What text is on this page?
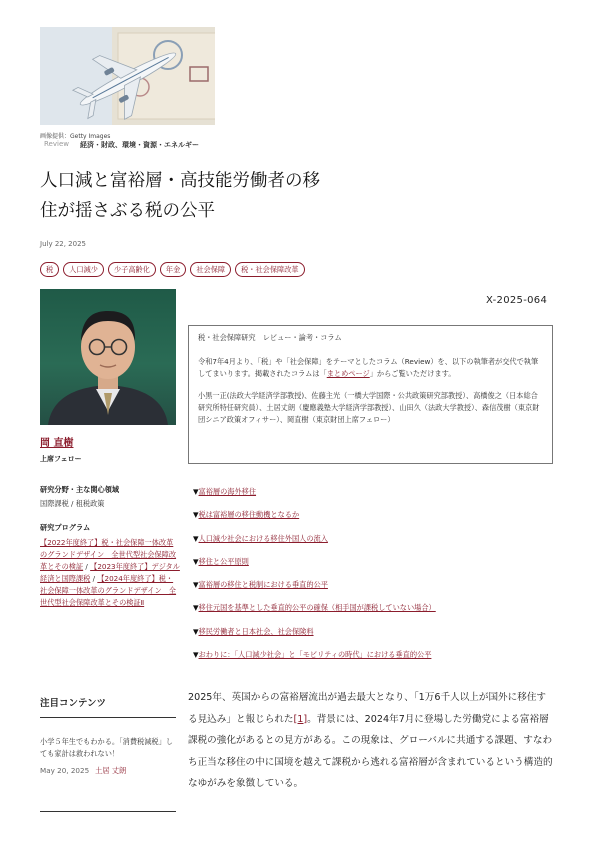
画像提供：Getty Images
Review 経済・財政、環境・資源・エネルギー
人口減と富裕層・高技能労働者の移
住が揺さぶる税の公平
July 22, 2025
税	人口減少	少子高齢化	年金	社会保障	税・社会保障改革
X-2025-064
岡 直樹
上席フェロー

税・社会保障研究　レビュー・論考・コラム

令和7年4月より、「税」や「社会保障」をテーマとしたコラム（Review）を、以下の執筆者が交代で執筆してまいります。掲載されたコラムは「まとめページ」からご覧いただけます。

小黒一正(法政大学経済学部教授)、佐藤主光（一橋大学国際・公共政策研究部教授）、高橋俊之（日本総合研究所特任研究員）、土居丈朗（慶應義塾大学経済学部教授）、山田久（法政大学教授）、森信茂樹（東京財団シニア政策オフィサー）、岡直樹（東京財団上席フェロー）

研究分野・主な関心領域
国際課税 / 租税政策
研究プログラム
【2022年度終了】税・社会保障一体改革のグランドデザイン　全世代型社会保障改革とその検証 / 【2023年度終了】デジタル経済と国際課税 / 【2024年度終了】税・社会保障一体改革のグランドデザイン　全世代型社会保障改革とその検証Ⅱ
▼富裕層の海外移住
▼税は富裕層の移住動機となるか
▼人口減少社会における移住外国人の流入
▼移住と公平原則
▼富裕層の移住と税制における垂直的公平
▼移住元国を基準とした垂直的公平の確保（相手国が課税していない場合）
▼移民労働者と日本社会、社会保険料
▼おわりに：「人口減少社会」と「モビリティの時代」における垂直的公平
注目コンテンツ
小学５年生でもわかる。「消費税減税」しても家計は救われない！
May 20, 2025 土居 丈朗
2025年、英国からの富裕層流出が過去最大となり、「1万6千人以上が国外に移住する見込み」と報じられた[1]。背景には、2024年7月に登場した労働党による富裕層課税の強化があるとの見方がある。この現象は、グローバルに共通する課題、すなわち正当な移住の中に国境を越えて課税から逃れる富裕層が含まれているという構造的なゆがみを象徴している。
